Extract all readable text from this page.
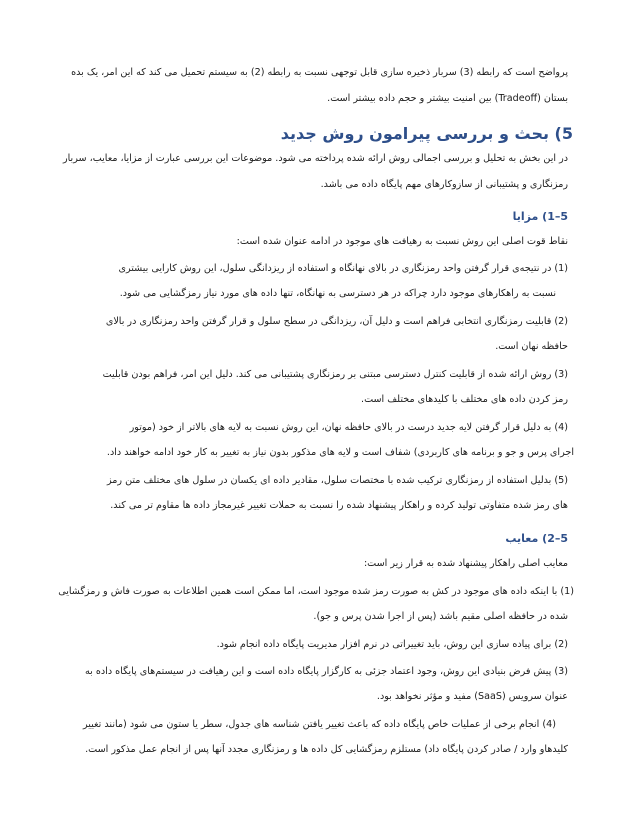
پرواضح است که رابطه (3) سربار ذخیره سازی قابل توجهی نسبت به رابطه (2) به سیستم تحمیل می کند که این امر، یک بده
بستان (Tradeoff) بین امنیت بیشتر و حجم داده بیشتر است.
5) بحث و بررسی پیرامون روش جدید
در این بخش به تحلیل و بررسی اجمالی روش ارائه شده پرداخته می شود. موضوعات این بررسی عبارت از مزایا، معایب، سربار
رمزنگاری و پشتیبانی از سازوکارهای مهم پایگاه داده می باشد.
5–1) مزایا
نقاط قوت اصلی این روش نسبت به رهیافت های موجود در ادامه عنوان شده است:
(1) در نتیجه‌ی قرار گرفتن واحد رمزنگاری در بالای نهانگاه و استفاده از ریزدانگی سلول، این روش کارایی بیشتری
نسبت به راهکارهای موجود دارد چراکه در هر دسترسی به نهانگاه، تنها داده های مورد نیاز رمزگشایی می شود.
(2) قابلیت رمزنگاری انتخابی فراهم است و دلیل آن، ریزدانگی در سطح سلول و قرار گرفتن واحد رمزنگاری در بالای
حافظه نهان است.
(3) روش ارائه شده از قابلیت کنترل دسترسی مبتنی بر رمزنگاری پشتیبانی می کند. دلیل این امر، فراهم بودن قابلیت
رمز کردن داده های مختلف با کلیدهای مختلف است.
(4) به دلیل قرار گرفتن لایه جدید درست در بالای حافظه نهان، این روش نسبت به لایه های بالاتر از خود (موتور
اجرای پرس و جو و برنامه های کاربردی) شفاف است و لایه های مذکور بدون نیاز به تغییر به کار خود ادامه خواهند داد.
(5) بدلیل استفاده از رمزنگاری ترکیب شده با مختصات سلول، مقادیر داده ای یکسان در سلول های مختلف متن رمز
های رمز شده متفاوتی تولید کرده و راهکار پیشنهاد شده را نسبت به حملات تغییر غیرمجاز داده ها مقاوم تر می کند.
5–2) معایب
معایب اصلی راهکار پیشنهاد شده به قرار زیر است:
(1) با اینکه داده های موجود در کش به صورت رمز شده موجود است، اما ممکن است همین اطلاعات به صورت فاش و رمزگشایی
شده در حافظه اصلی مقیم باشد (پس از اجرا شدن پرس و جو).
(2) برای پیاده سازی این روش، باید تغییراتی در نرم افزار مدیریت پایگاه داده انجام شود.
(3) پیش فرض بنیادی این روش، وجود اعتماد جزئی به کارگزار پایگاه داده است و این رهیافت در سیستم‌های پایگاه داده به
عنوان سرویس (SaaS) مفید و مؤثر نخواهد بود.
(4) انجام برخی از عملیات خاص پایگاه داده که باعث تغییر یافتن شناسه های جدول، سطر یا ستون می شود (مانند تغییر
کلیدهاو وارد / صادر کردن پایگاه داد) مستلزم رمزگشایی کل داده ها و رمزنگاری مجدد آنها پس از انجام عمل مذکور است.
